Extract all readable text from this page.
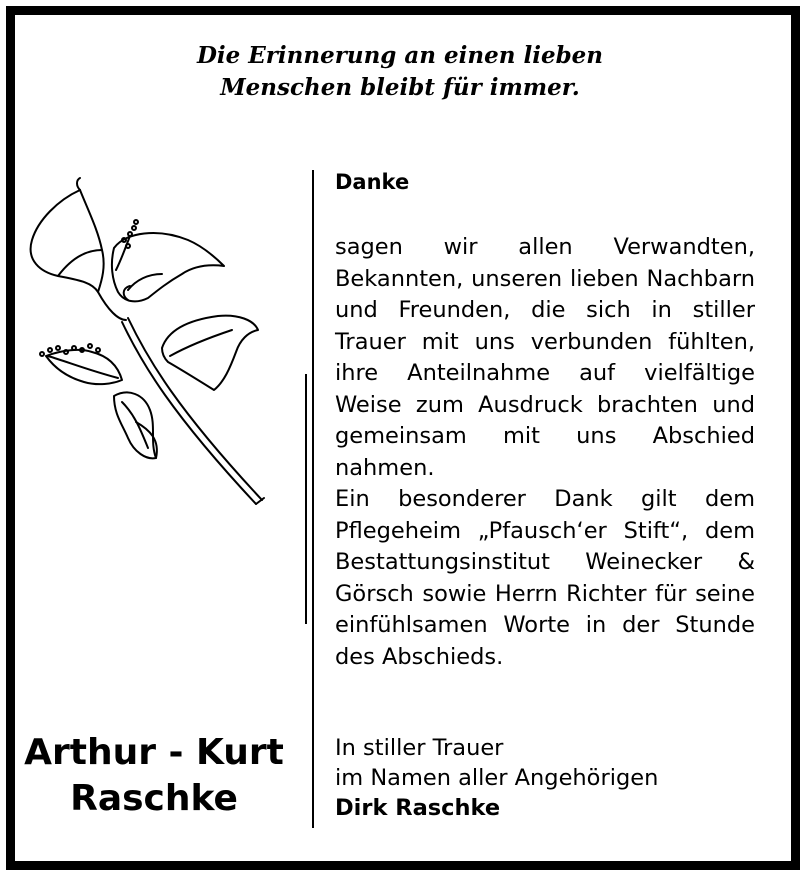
Die Erinnerung an einen lieben
Menschen bleibt für immer.
Arthur - Kurt
Raschke
Danke

sagen wir allen Verwandten, Bekannten, unseren lieben Nachbarn und Freunden, die sich in stiller Trauer mit uns verbunden fühlten, ihre Anteilnahme auf vielfältige Weise zum Ausdruck brachten und gemeinsam mit uns Abschied nahmen.

Ein besonderer Dank gilt dem Pflegeheim „Pfausch‘er Stift“, dem Bestattungsinstitut Weinecker & Görsch sowie Herrn Richter für seine einfühlsamen Worte in der Stunde des Abschieds.

In stiller Trauer
im Namen aller Angehörigen
Dirk Raschke
